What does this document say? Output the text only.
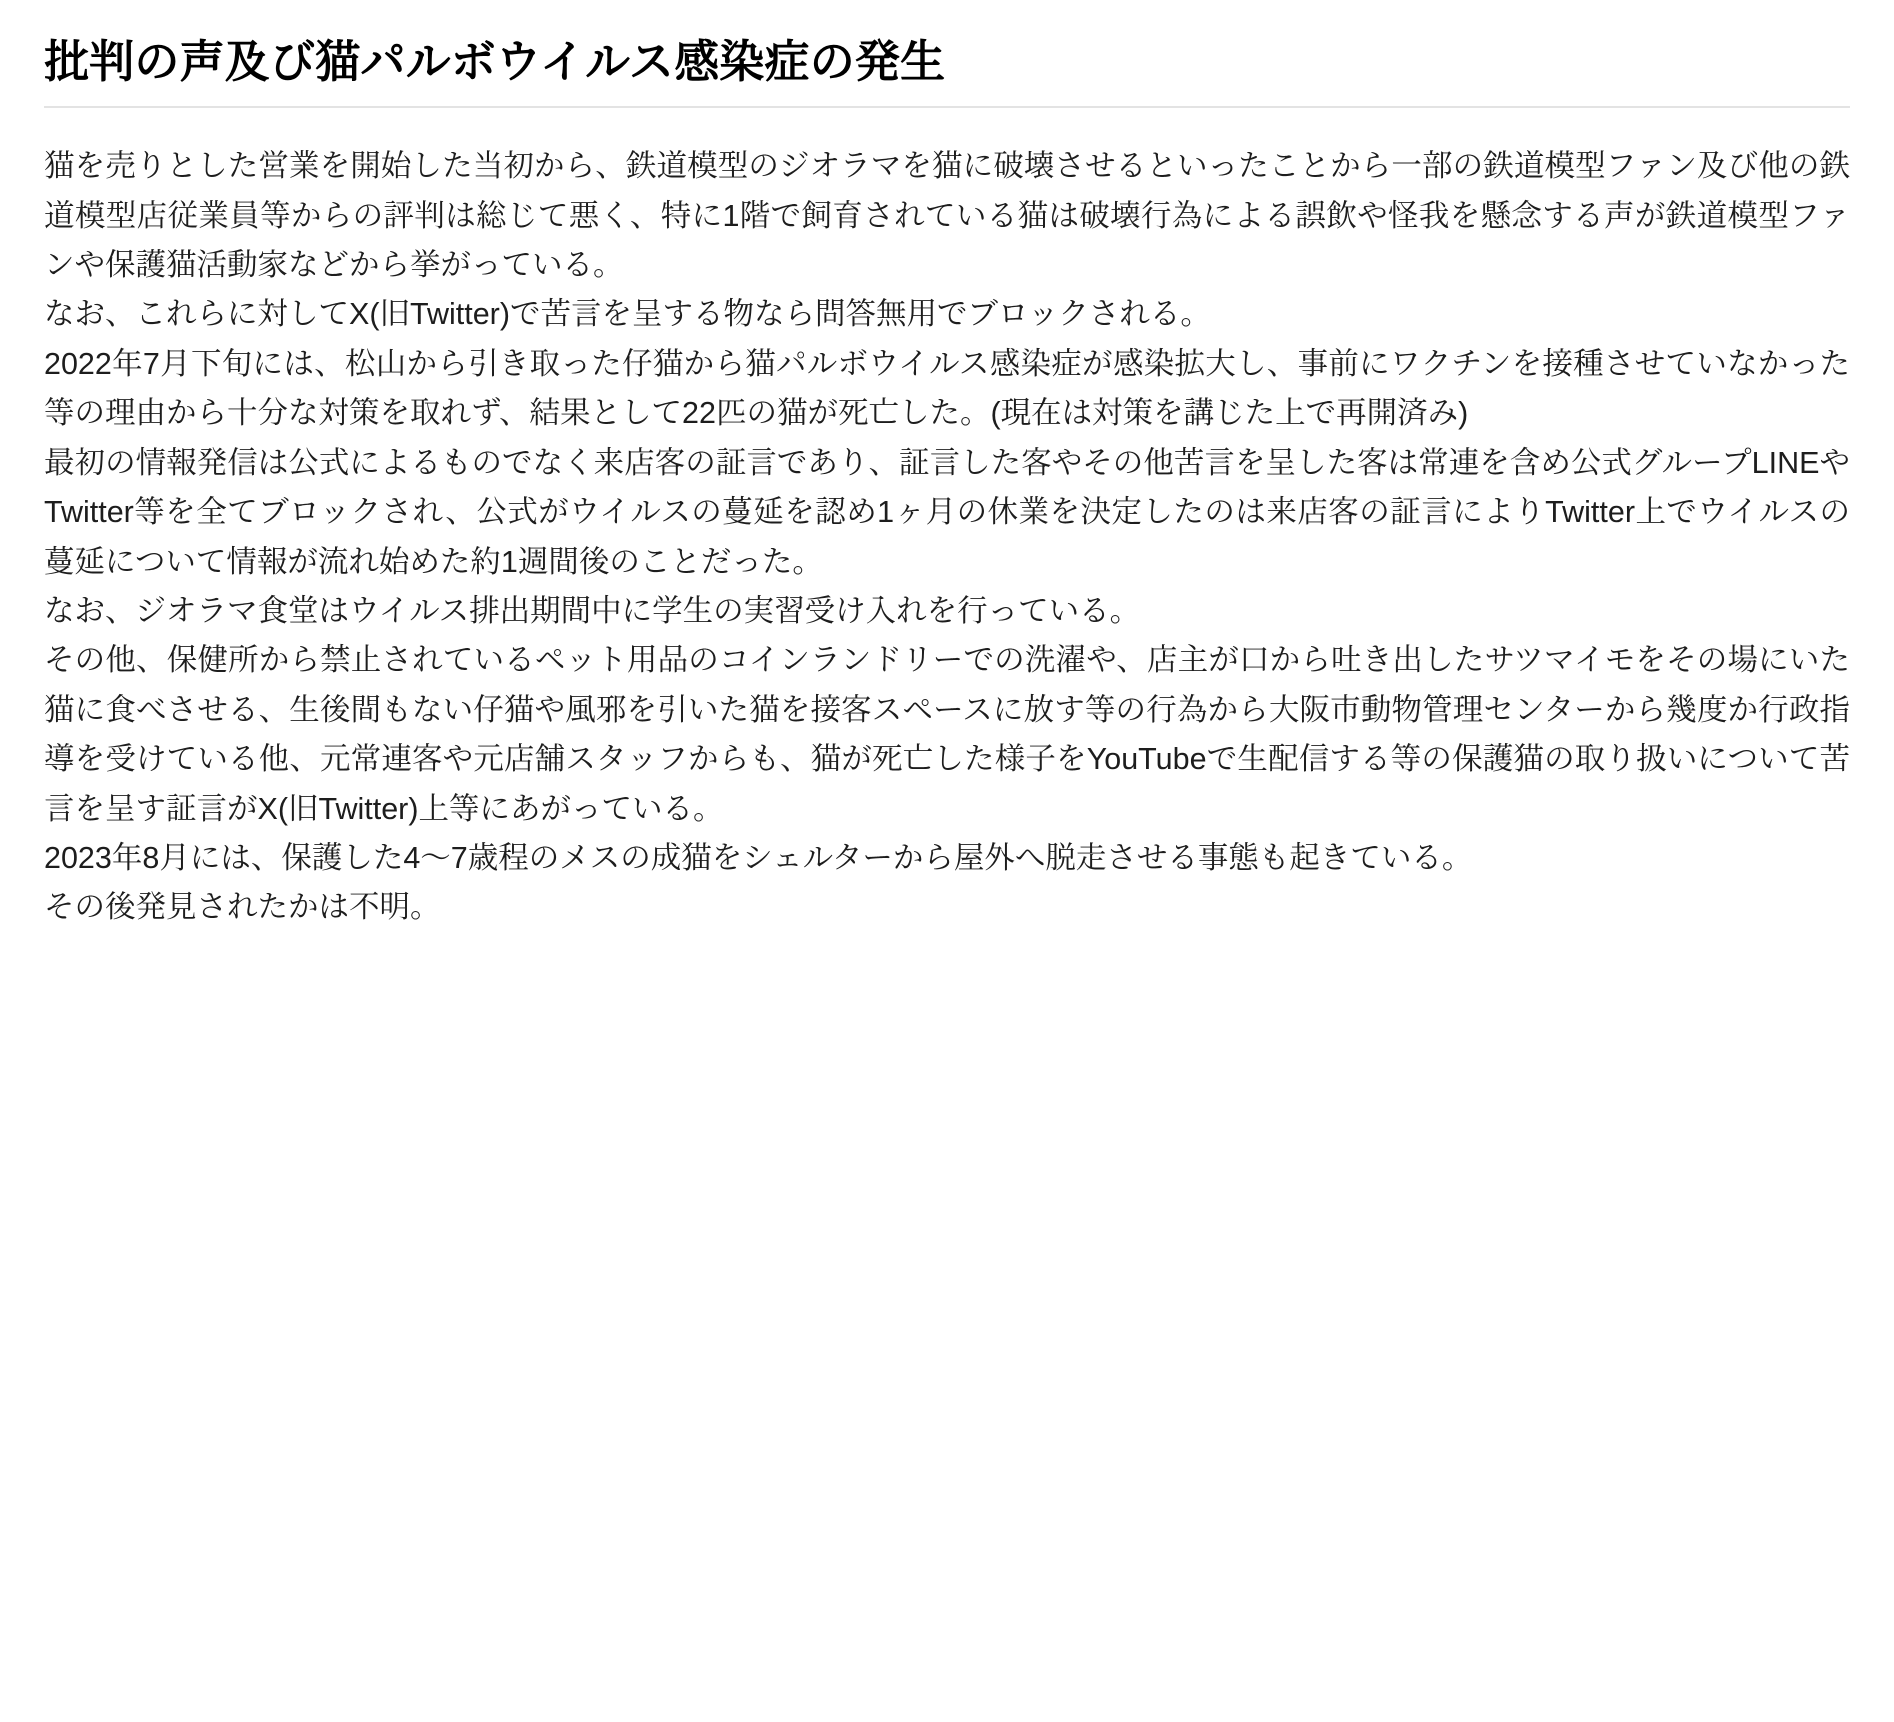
批判の声及び猫パルボウイルス感染症の発生

猫を売りとした営業を開始した当初から、鉄道模型のジオラマを猫に破壊させるといったことから一部の鉄道模型ファン及び他の鉄道模型店従業員等からの評判は総じて悪く、特に1階で飼育されている猫は破壊行為による誤飲や怪我を懸念する声が鉄道模型ファンや保護猫活動家などから挙がっている。

なお、これらに対してX(旧Twitter)で苦言を呈する物なら問答無用でブロックされる。

2022年7月下旬には、松山から引き取った仔猫から猫パルボウイルス感染症が感染拡大し、事前にワクチンを接種させていなかった等の理由から十分な対策を取れず、結果として22匹の猫が死亡した。(現在は対策を講じた上で再開済み)

最初の情報発信は公式によるものでなく来店客の証言であり、証言した客やその他苦言を呈した客は常連を含め公式グループLINEやTwitter等を全てブロックされ、公式がウイルスの蔓延を認め1ヶ月の休業を決定したのは来店客の証言によりTwitter上でウイルスの蔓延について情報が流れ始めた約1週間後のことだった。

なお、ジオラマ食堂はウイルス排出期間中に学生の実習受け入れを行っている。

その他、保健所から禁止されているペット用品のコインランドリーでの洗濯や、店主が口から吐き出したサツマイモをその場にいた猫に食べさせる、生後間もない仔猫や風邪を引いた猫を接客スペースに放す等の行為から大阪市動物管理センターから幾度か行政指導を受けている他、元常連客や元店舗スタッフからも、猫が死亡した様子をYouTubeで生配信する等の保護猫の取り扱いについて苦言を呈す証言がX(旧Twitter)上等にあがっている。

2023年8月には、保護した4〜7歳程のメスの成猫をシェルターから屋外へ脱走させる事態も起きている。

その後発見されたかは不明。
